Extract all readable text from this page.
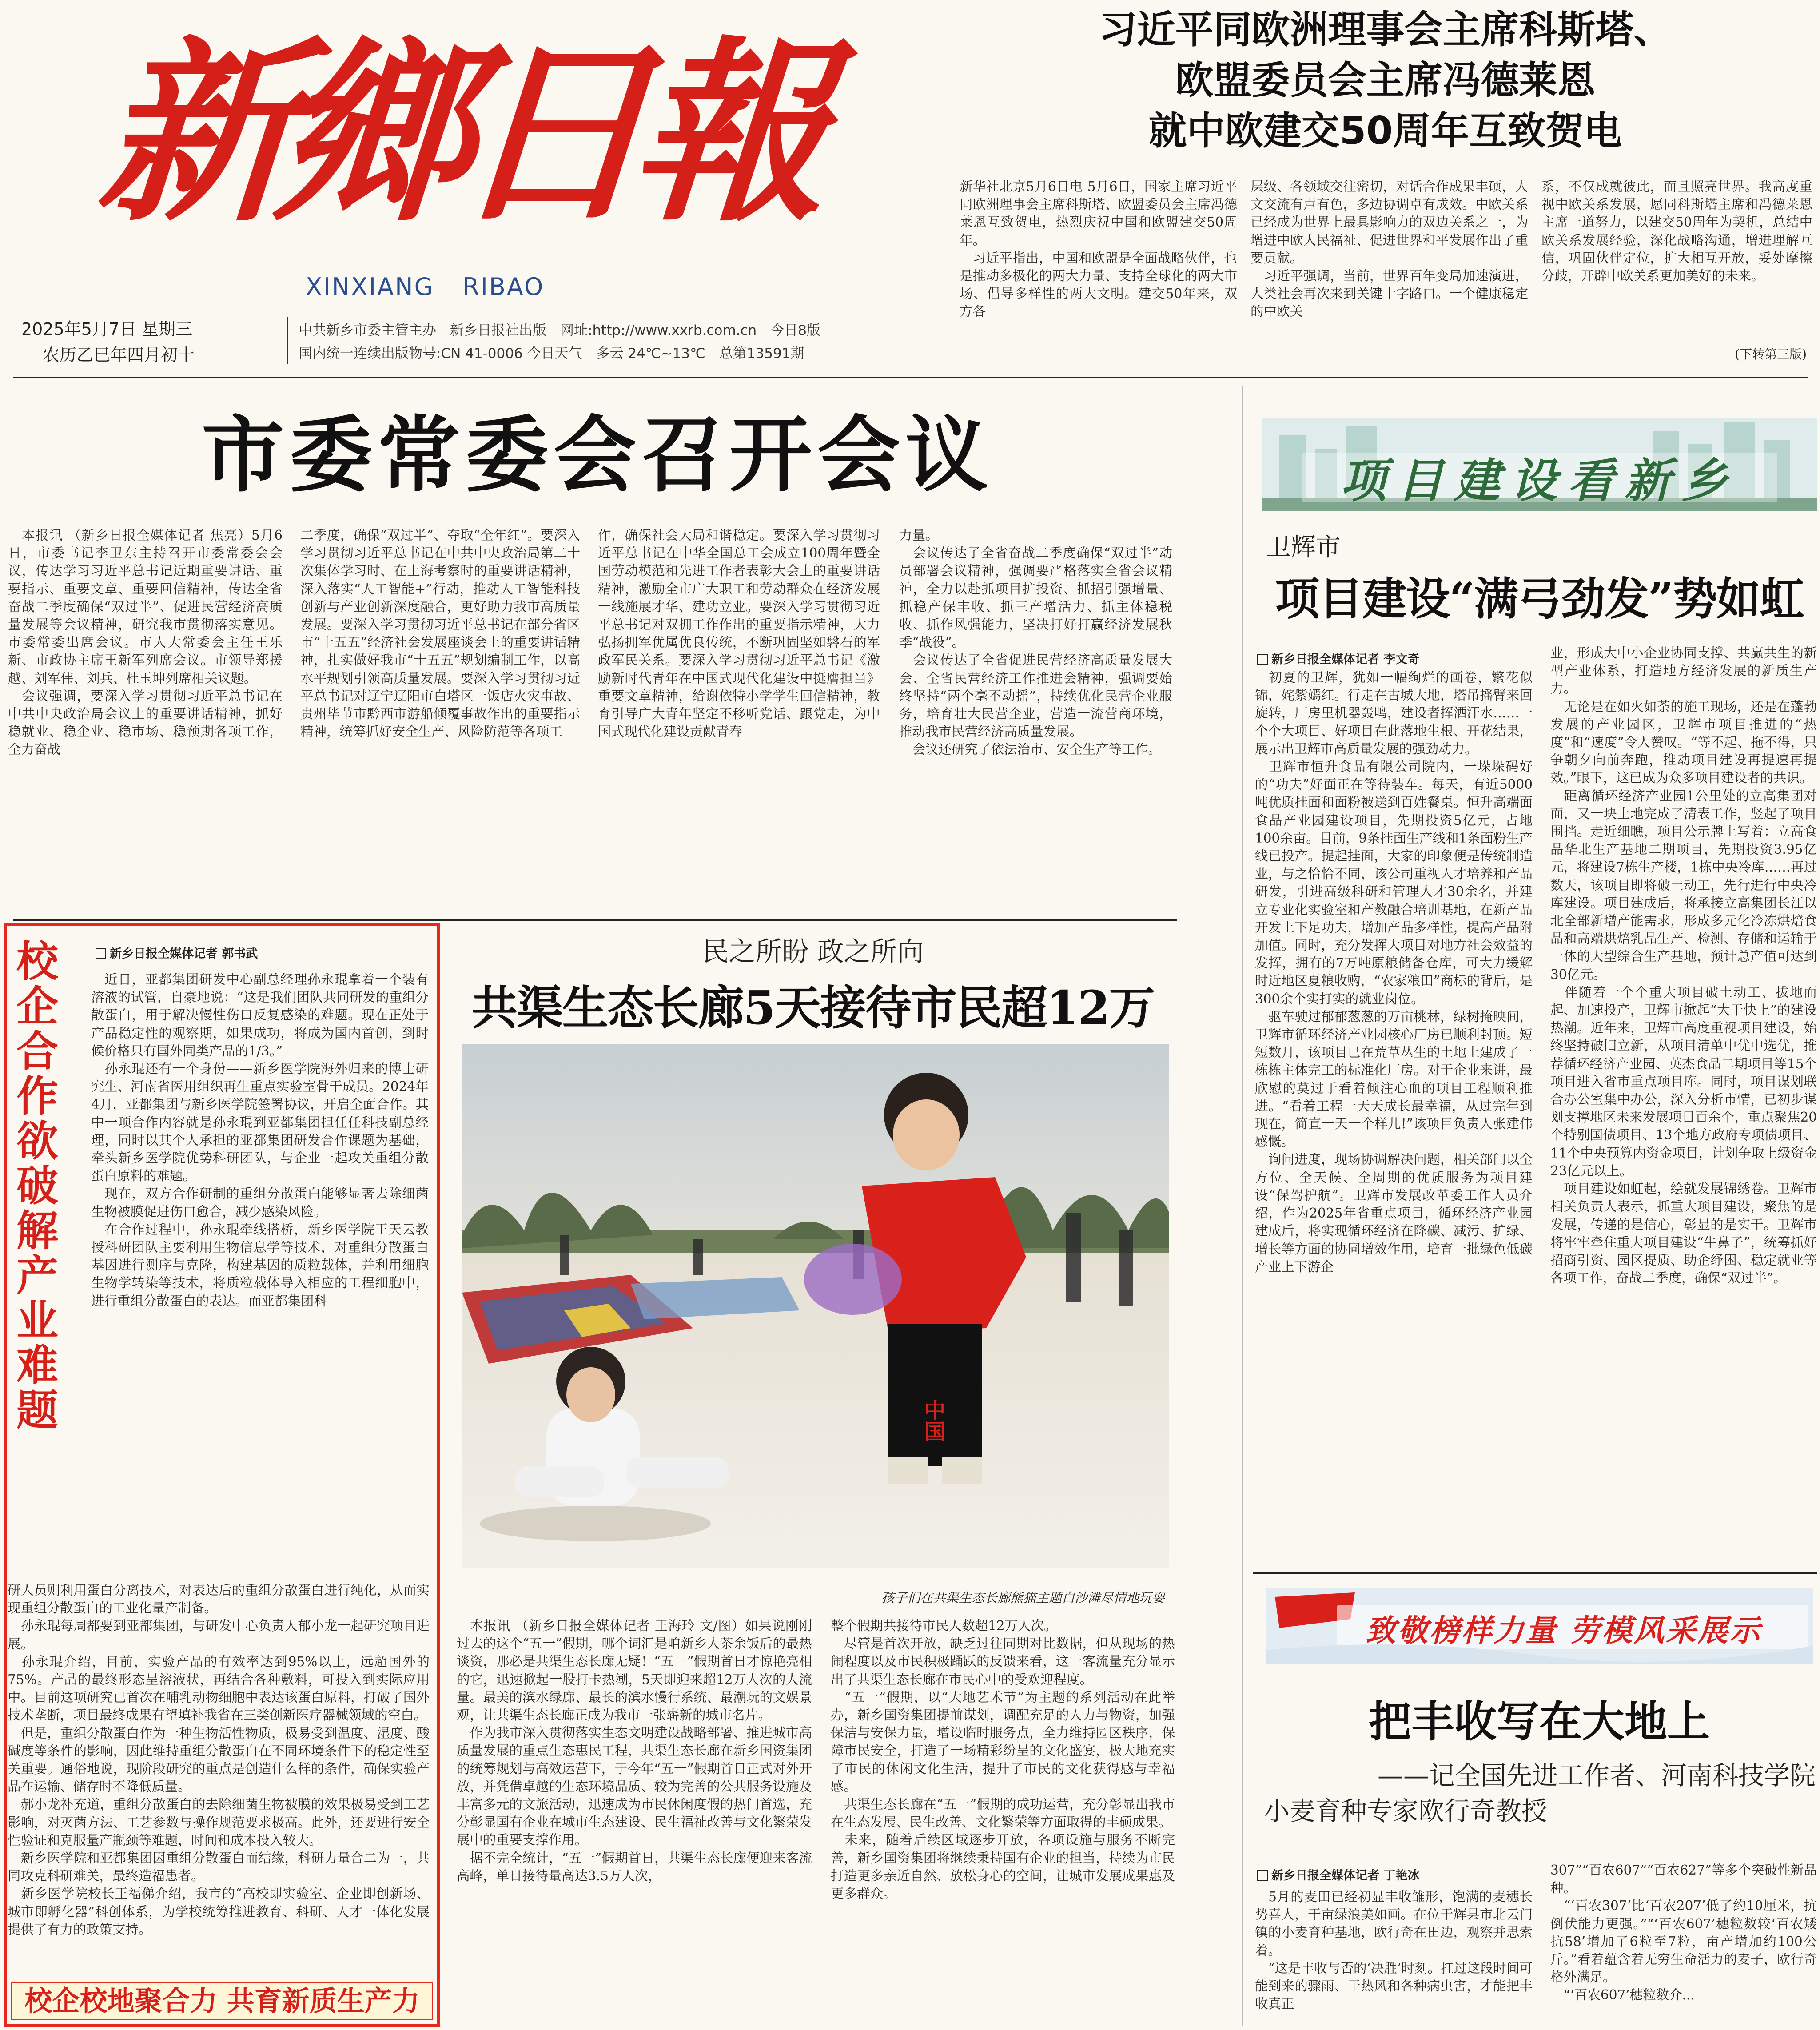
新鄉日報
XINXIANG RIBAO
2025年5月7日 星期三
农历乙巳年四月初十
中共新乡市委主管主办　新乡日报社出版　网址:http://www.xxrb.com.cn　今日8版
国内统一连续出版物号:CN 41-0006 今日天气　多云 24℃~13℃　总第13591期
习近平同欧洲理事会主席科斯塔、
欧盟委员会主席冯德莱恩
就中欧建交50周年互致贺电
新华社北京5月6日电 5月6日，国家主席习近平同欧洲理事会主席科斯塔、欧盟委员会主席冯德莱恩互致贺电，热烈庆祝中国和欧盟建交50周年。
　习近平指出，中国和欧盟是全面战略伙伴，也是推动多极化的两大力量、支持全球化的两大市场、倡导多样性的两大文明。建交50年来，双方各
层级、各领域交往密切，对话合作成果丰硕，人文交流有声有色，多边协调卓有成效。中欧关系已经成为世界上最具影响力的双边关系之一，为增进中欧人民福祉、促进世界和平发展作出了重要贡献。
　习近平强调，当前，世界百年变局加速演进，人类社会再次来到关键十字路口。一个健康稳定的中欧关
系，不仅成就彼此，而且照亮世界。我高度重视中欧关系发展，愿同科斯塔主席和冯德莱恩主席一道努力，以建交50周年为契机，总结中欧关系发展经验，深化战略沟通，增进理解互信，巩固伙伴定位，扩大相互开放，妥处摩擦分歧，开辟中欧关系更加美好的未来。
(下转第三版)
市委常委会召开会议
　本报讯 （新乡日报全媒体记者 焦亮）5月6日，市委书记李卫东主持召开市委常委会会议，传达学习习近平总书记近期重要讲话、重要指示、重要文章、重要回信精神，传达全省奋战二季度确保“双过半”、促进民营经济高质量发展等会议精神，研究我市贯彻落实意见。市委常委出席会议。市人大常委会主任王乐新、市政协主席王新军列席会议。市领导郑援越、刘军伟、刘兵、杜玉坤列席相关议题。
　会议强调，要深入学习贯彻习近平总书记在中共中央政治局会议上的重要讲话精神，抓好稳就业、稳企业、稳市场、稳预期各项工作，全力奋战
二季度，确保“双过半”、夺取“全年红”。要深入学习贯彻习近平总书记在中共中央政治局第二十次集体学习时、在上海考察时的重要讲话精神，深入落实“人工智能+”行动，推动人工智能科技创新与产业创新深度融合，更好助力我市高质量发展。要深入学习贯彻习近平总书记在部分省区市“十五五”经济社会发展座谈会上的重要讲话精神，扎实做好我市“十五五”规划编制工作，以高水平规划引领高质量发展。要深入学习贯彻习近平总书记对辽宁辽阳市白塔区一饭店火灾事故、贵州毕节市黔西市游船倾覆事故作出的重要指示精神，统筹抓好安全生产、风险防范等各项工
作，确保社会大局和谐稳定。要深入学习贯彻习近平总书记在中华全国总工会成立100周年暨全国劳动模范和先进工作者表彰大会上的重要讲话精神，激励全市广大职工和劳动群众在经济发展一线施展才华、建功立业。要深入学习贯彻习近平总书记对双拥工作作出的重要指示精神，大力弘扬拥军优属优良传统，不断巩固坚如磐石的军政军民关系。要深入学习贯彻习近平总书记《激励新时代青年在中国式现代化建设中挺膺担当》重要文章精神，给谢依特小学学生回信精神，教育引导广大青年坚定不移听党话、跟党走，为中国式现代化建设贡献青春
力量。
　会议传达了全省奋战二季度确保“双过半”动员部署会议精神，强调要严格落实全省会议精神，全力以赴抓项目扩投资、抓招引强增量、抓稳产保丰收、抓三产增活力、抓主体稳税收、抓作风强能力，坚决打好打赢经济发展秋季“战役”。
　会议传达了全省促进民营经济高质量发展大会、全省民营经济工作推进会精神，强调要始终坚持“两个毫不动摇”，持续优化民营企业服务，培育壮大民营企业，营造一流营商环境，推动我市民营经济高质量发展。
　会议还研究了依法治市、安全生产等工作。
校企合作欲破解产业难题
新乡日报全媒体记者 郭书武
　近日，亚都集团研发中心副总经理孙永琨拿着一个装有溶液的试管，自豪地说：“这是我们团队共同研发的重组分散蛋白，用于解决慢性伤口反复感染的难题。现在正处于产品稳定性的观察期，如果成功，将成为国内首创，到时候价格只有国外同类产品的1/3。”
　孙永琨还有一个身份——新乡医学院海外归来的博士研究生、河南省医用组织再生重点实验室骨干成员。2024年4月，亚都集团与新乡医学院签署协议，开启全面合作。其中一项合作内容就是孙永琨到亚都集团担任任科技副总经理，同时以其个人承担的亚都集团研发合作课题为基础，牵头新乡医学院优势科研团队，与企业一起攻关重组分散蛋白原料的难题。
　现在，双方合作研制的重组分散蛋白能够显著去除细菌生物被膜促进伤口愈合，减少感染风险。
　在合作过程中，孙永琨牵线搭桥，新乡医学院王天云教授科研团队主要利用生物信息学等技术，对重组分散蛋白基因进行测序与克隆，构建基因的质粒载体，并利用细胞生物学转染等技术，将质粒载体导入相应的工程细胞中，进行重组分散蛋白的表达。而亚都集团科
研人员则利用蛋白分离技术，对表达后的重组分散蛋白进行纯化，从而实现重组分散蛋白的工业化量产制备。
　孙永琨每周都要到亚都集团，与研发中心负责人郁小龙一起研究项目进展。
　孙永琨介绍，目前，实验产品的有效率达到95%以上，远超国外的75%。产品的最终形态呈溶液状，再结合各种敷料，可投入到实际应用中。目前这项研究已首次在哺乳动物细胞中表达该蛋白原料，打破了国外技术垄断，项目最终成果有望填补我省在三类创新医疗器械领域的空白。
　但是，重组分散蛋白作为一种生物活性物质，极易受到温度、湿度、酸碱度等条件的影响，因此维持重组分散蛋白在不同环境条件下的稳定性至关重要。通俗地说，现阶段研究的重点是创造什么样的条件，确保实验产品在运输、储存时不降低质量。
　郝小龙补充道，重组分散蛋白的去除细菌生物被膜的效果极易受到工艺影响，对灭菌方法、工艺参数与操作规范要求极高。此外，还要进行安全性验证和克服量产瓶颈等难题，时间和成本投入较大。
　新乡医学院和亚都集团因重组分散蛋白而结缘，科研力量合二为一，共同攻克科研难关，最终造福患者。
　新乡医学院校长王福俤介绍，我市的“高校即实验室、企业即创新场、城市即孵化器”科创体系，为学校统筹推进教育、科研、人才一体化发展提供了有力的政策支持。
校企校地聚合力 共育新质生产力
民之所盼 政之所向
共渠生态长廊5天接待市民超12万
中国
孩子们在共渠生态长廊熊猫主题白沙滩尽情地玩耍
　本报讯 （新乡日报全媒体记者 王海玲 文/图）如果说刚刚过去的这个“五一”假期，哪个词汇是咱新乡人茶余饭后的最热谈资，那必是共渠生态长廊无疑！“五一”假期首日才惊艳亮相的它，迅速掀起一股打卡热潮，5天即迎来超12万人次的人流量。最美的滨水绿廊、最长的滨水慢行系统、最潮玩的文娱景观，让共渠生态长廊正成为我市一张崭新的城市名片。
　作为我市深入贯彻落实生态文明建设战略部署、推进城市高质量发展的重点生态惠民工程，共渠生态长廊在新乡国资集团的统筹规划与高效运营下，于今年“五一”假期首日正式对外开放，并凭借卓越的生态环境品质、较为完善的公共服务设施及丰富多元的文旅活动，迅速成为市民休闲度假的热门首选，充分彰显国有企业在城市生态建设、民生福祉改善与文化繁荣发展中的重要支撑作用。
　据不完全统计，“五一”假期首日，共渠生态长廊便迎来客流高峰，单日接待量高达3.5万人次，
整个假期共接待市民人数超12万人次。
　尽管是首次开放，缺乏过往同期对比数据，但从现场的热闹程度以及市民积极踊跃的反馈来看，这一客流量充分显示出了共渠生态长廊在市民心中的受欢迎程度。
　“五一”假期，以“大地艺术节”为主题的系列活动在此举办，新乡国资集团提前谋划，调配充足的人力与物资，加强保洁与安保力量，增设临时服务点，全力维持园区秩序，保障市民安全，打造了一场精彩纷呈的文化盛宴，极大地充实了市民的休闲文化生活，提升了市民的文化获得感与幸福感。
　共渠生态长廊在“五一”假期的成功运营，充分彰显出我市在生态发展、民生改善、文化繁荣等方面取得的丰硕成果。
　未来，随着后续区域逐步开放，各项设施与服务不断完善，新乡国资集团将继续秉持国有企业的担当，持续为市民打造更多亲近自然、放松身心的空间，让城市发展成果惠及更多群众。
项目建设看新乡
卫辉市
项目建设“满弓劲发”势如虹
新乡日报全媒体记者 李文奇
　初夏的卫辉，犹如一幅绚烂的画卷，繁花似锦，姹紫嫣红。行走在古城大地，塔吊摇臂来回旋转，厂房里机器轰鸣，建设者挥洒汗水……一个个大项目、好项目在此落地生根、开花结果，展示出卫辉市高质量发展的强劲动力。
　卫辉市恒升食品有限公司院内，一垛垛码好的“功夫”好面正在等待装车。每天，有近5000吨优质挂面和面粉被送到百姓餐桌。恒升高端面食品产业园建设项目，先期投资5亿元，占地100余亩。目前，9条挂面生产线和1条面粉生产线已投产。提起挂面，大家的印象便是传统制造业，与之恰恰不同，该公司重视人才培养和产品研发，引进高级科研和管理人才30余名，并建立专业化实验室和产教融合培训基地，在新产品开发上下足功夫，增加产品多样性，提高产品附加值。同时，充分发挥大项目对地方社会效益的发挥，拥有的7万吨原粮储备仓库，可大力缓解时近地区夏粮收购，“农家粮田”商标的背后，是300余个实打实的就业岗位。
　驱车驶过郁郁葱葱的万亩桃林，绿树掩映间，卫辉市循环经济产业园核心厂房已顺利封顶。短短数月，该项目已在荒草丛生的土地上建成了一栋栋主体完工的标准化厂房。对于企业来讲，最欣慰的莫过于看着倾注心血的项目工程顺利推进。“看着工程一天天成长最幸福，从过完年到现在，简直一天一个样儿!”该项目负责人张建伟感慨。
　询问进度，现场协调解决问题，相关部门以全方位、全天候、全周期的优质服务为项目建设“保驾护航”。卫辉市发展改革委工作人员介绍，作为2025年省重点项目，循环经济产业园建成后，将实现循环经济在降碳、减污、扩绿、增长等方面的协同增效作用，培育一批绿色低碳产业上下游企
业，形成大中小企业协同支撑、共赢共生的新型产业体系，打造地方经济发展的新质生产力。
　无论是在如火如荼的施工现场，还是在蓬勃发展的产业园区，卫辉市项目推进的“热度”和“速度”令人赞叹。“等不起、拖不得，只争朝夕向前奔跑，推动项目建设再提速再提效。”眼下，这已成为众多项目建设者的共识。
　距离循环经济产业园1公里处的立高集团对面，又一块土地完成了清表工作，竖起了项目围挡。走近细瞧，项目公示牌上写着：立高食品华北生产基地二期项目，先期投资3.95亿元，将建设7栋生产楼，1栋中央冷库……再过数天，该项目即将破土动工，先行进行中央冷库建设。项目建成后，将承接立高集团长江以北全部新增产能需求，形成多元化冷冻烘焙食品和高端烘焙乳品生产、检测、存储和运输于一体的大型综合生产基地，预计总产值可达到30亿元。
　伴随着一个个重大项目破土动工、拔地而起、加速投产，卫辉市掀起“大干快上”的建设热潮。近年来，卫辉市高度重视项目建设，始终坚持破旧立新，从项目清单中优中选优，推荐循环经济产业园、英杰食品二期项目等15个项目进入省市重点项目库。同时，项目谋划联合办公室集中办公，深入分析市情，已初步谋划支撑地区未来发展项目百余个，重点聚焦20个特别国债项目、13个地方政府专项债项目、11个中央预算内资金项目，计划争取上级资金23亿元以上。
　项目建设如虹起，绘就发展锦绣卷。卫辉市相关负责人表示，抓重大项目建设，聚焦的是发展，传递的是信心，彰显的是实干。卫辉市将牢牢牵住重大项目建设“牛鼻子”，统筹抓好招商引资、园区提质、助企纾困、稳定就业等各项工作，奋战二季度，确保“双过半”。
致敬榜样力量 劳模风采展示
把丰收写在大地上
——记全国先进工作者、河南科技学院
小麦育种专家欧行奇教授
新乡日报全媒体记者 丁艳冰
　5月的麦田已经初显丰收雏形，饱满的麦穗长势喜人，干亩绿浪美如画。在位于辉县市北云门镇的小麦育种基地，欧行奇在田边，观察并思索着。
　“这是丰收与否的‘决胜’时刻。扛过这段时间可能到来的骤雨、干热风和各种病虫害，才能把丰收真正
307”“百农607”“百农627”等多个突破性新品种。
　“‘百农307’比‘百农207’低了约10厘米，抗倒伏能力更强。”“‘百农607’穗粒数较‘百农矮抗58’增加了6粒至7粒，亩产增加约100公斤。”看着蕴含着无穷生命活力的麦子，欧行奇格外满足。
　“‘百农607’穗粒数介...
